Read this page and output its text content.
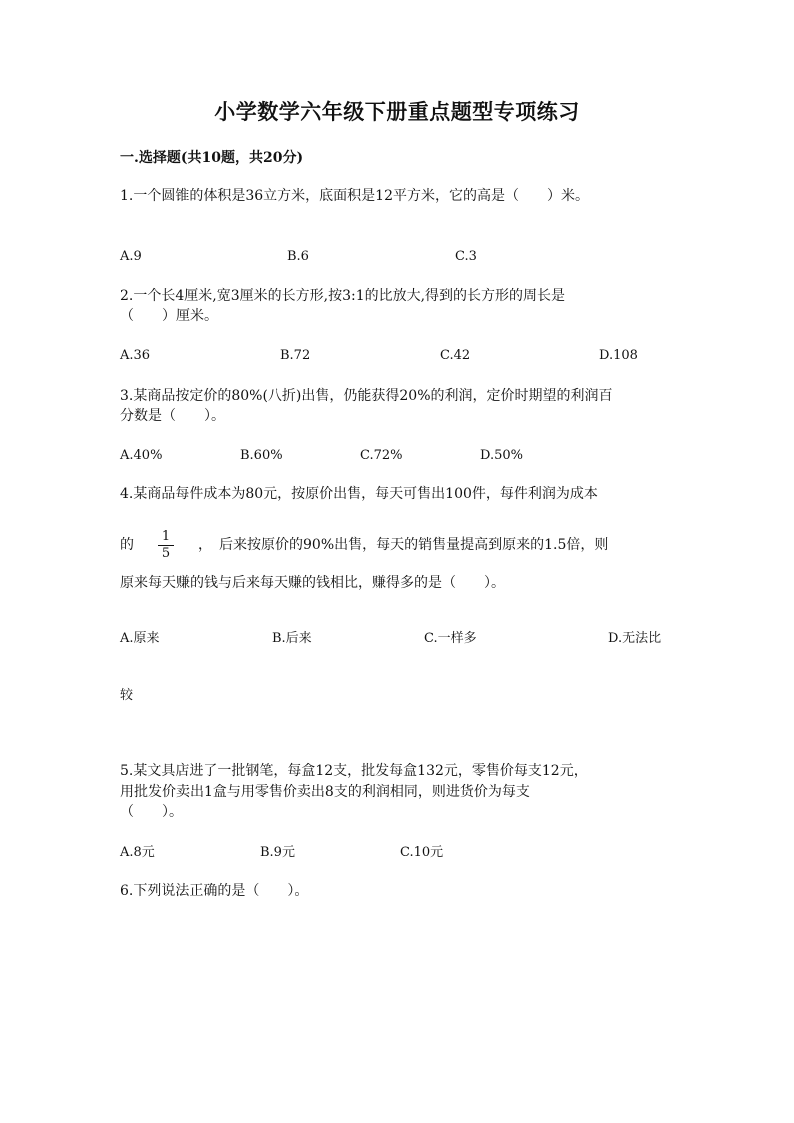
小学数学六年级下册重点题型专项练习
一.选择题(共10题，共20分)
1.一个圆锥的体积是36立方米，底面积是12平方米，它的高是（　　）米。
A.9	B.6	C.3
2.一个长4厘米,宽3厘米的长方形,按3:1的比放大,得到的长方形的周长是
（　　）厘米。
A.36	B.72	C.42	D.108
3.某商品按定价的80%(八折)出售，仍能获得20%的利润，定价时期望的利润百
分数是（　　）。
A.40%	B.60%	C.72%	D.50%
4.某商品每件成本为80元，按原价出售，每天可售出100件，每件利润为成本
的
1
5
，　后来按原价的90%出售，每天的销售量提高到原来的1.5倍，则
原来每天赚的钱与后来每天赚的钱相比，赚得多的是（　　）。
A.原来	B.后来	C.一样多	D.无法比
较
5.某文具店进了一批钢笔，每盒12支，批发每盒132元，零售价每支12元，
用批发价卖出1盒与用零售价卖出8支的利润相同，则进货价为每支
（　　）。
A.8元	B.9元	C.10元
6.下列说法正确的是（　　）。
